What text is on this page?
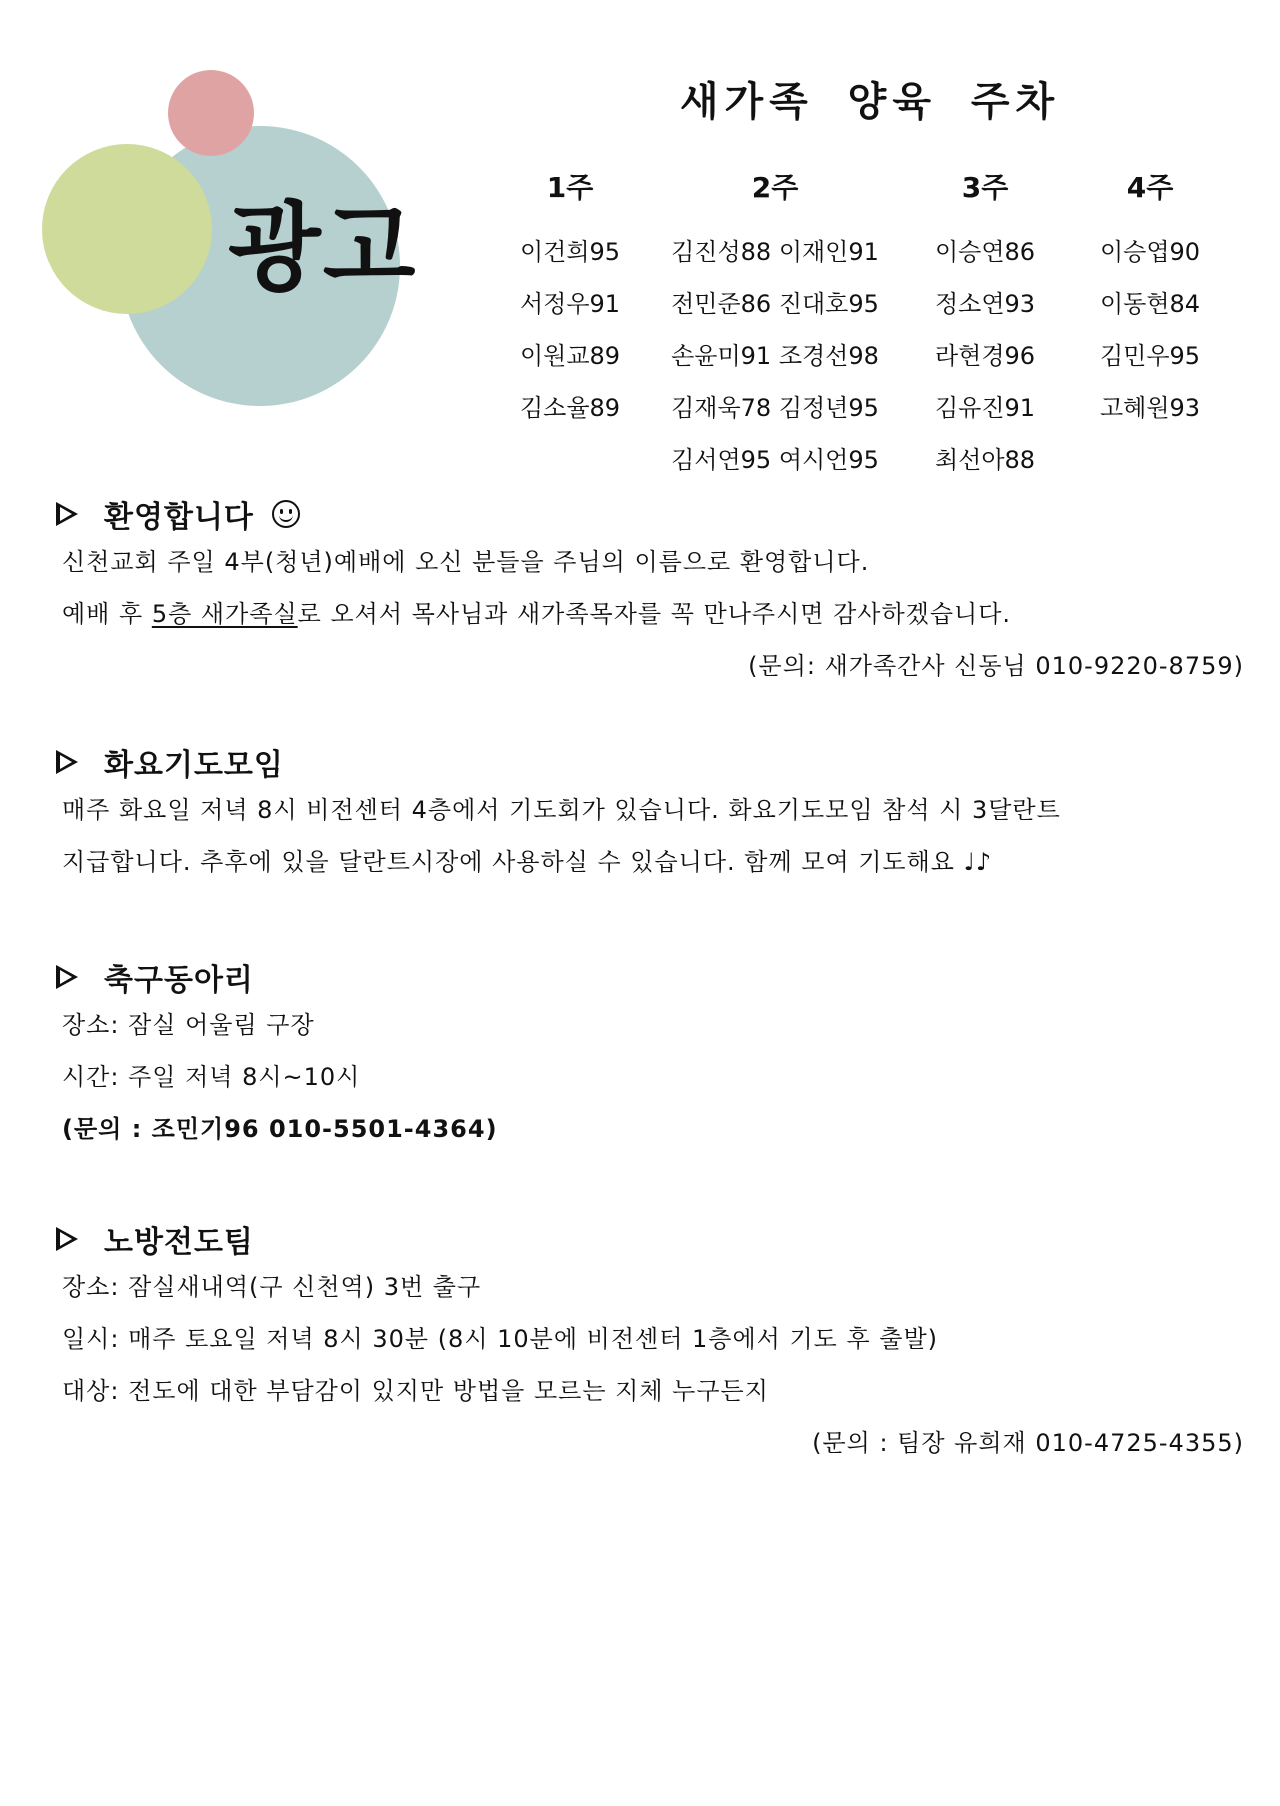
광고
새가족 양육 주차
1주
이건희95
서정우91
이원교89
김소율89
2주
김진성88 이재인91
전민준86 진대호95
손윤미91 조경선98
김재욱78 김정년95
김서연95 여시언95
3주
이승연86
정소연93
라현경96
김유진91
최선아88
4주
이승엽90
이동현84
김민우95
고혜원93
환영합니다
신천교회 주일 4부(청년)예배에 오신 분들을 주님의 이름으로 환영합니다.
예배 후 5층 새가족실로 오셔서 목사님과 새가족목자를 꼭 만나주시면 감사하겠습니다.
(문의: 새가족간사 신동님 010-9220-8759)
화요기도모임
매주 화요일 저녁 8시 비전센터 4층에서 기도회가 있습니다. 화요기도모임 참석 시 3달란트
지급합니다. 추후에 있을 달란트시장에 사용하실 수 있습니다. 함께 모여 기도해요 ♩♪
축구동아리
장소: 잠실 어울림 구장
시간: 주일 저녁 8시~10시
(문의 : 조민기96 010-5501-4364)
노방전도팀
장소: 잠실새내역(구 신천역) 3번 출구
일시: 매주 토요일 저녁 8시 30분 (8시 10분에 비전센터 1층에서 기도 후 출발)
대상: 전도에 대한 부담감이 있지만 방법을 모르는 지체 누구든지
(문의 : 팀장 유희재 010-4725-4355)
